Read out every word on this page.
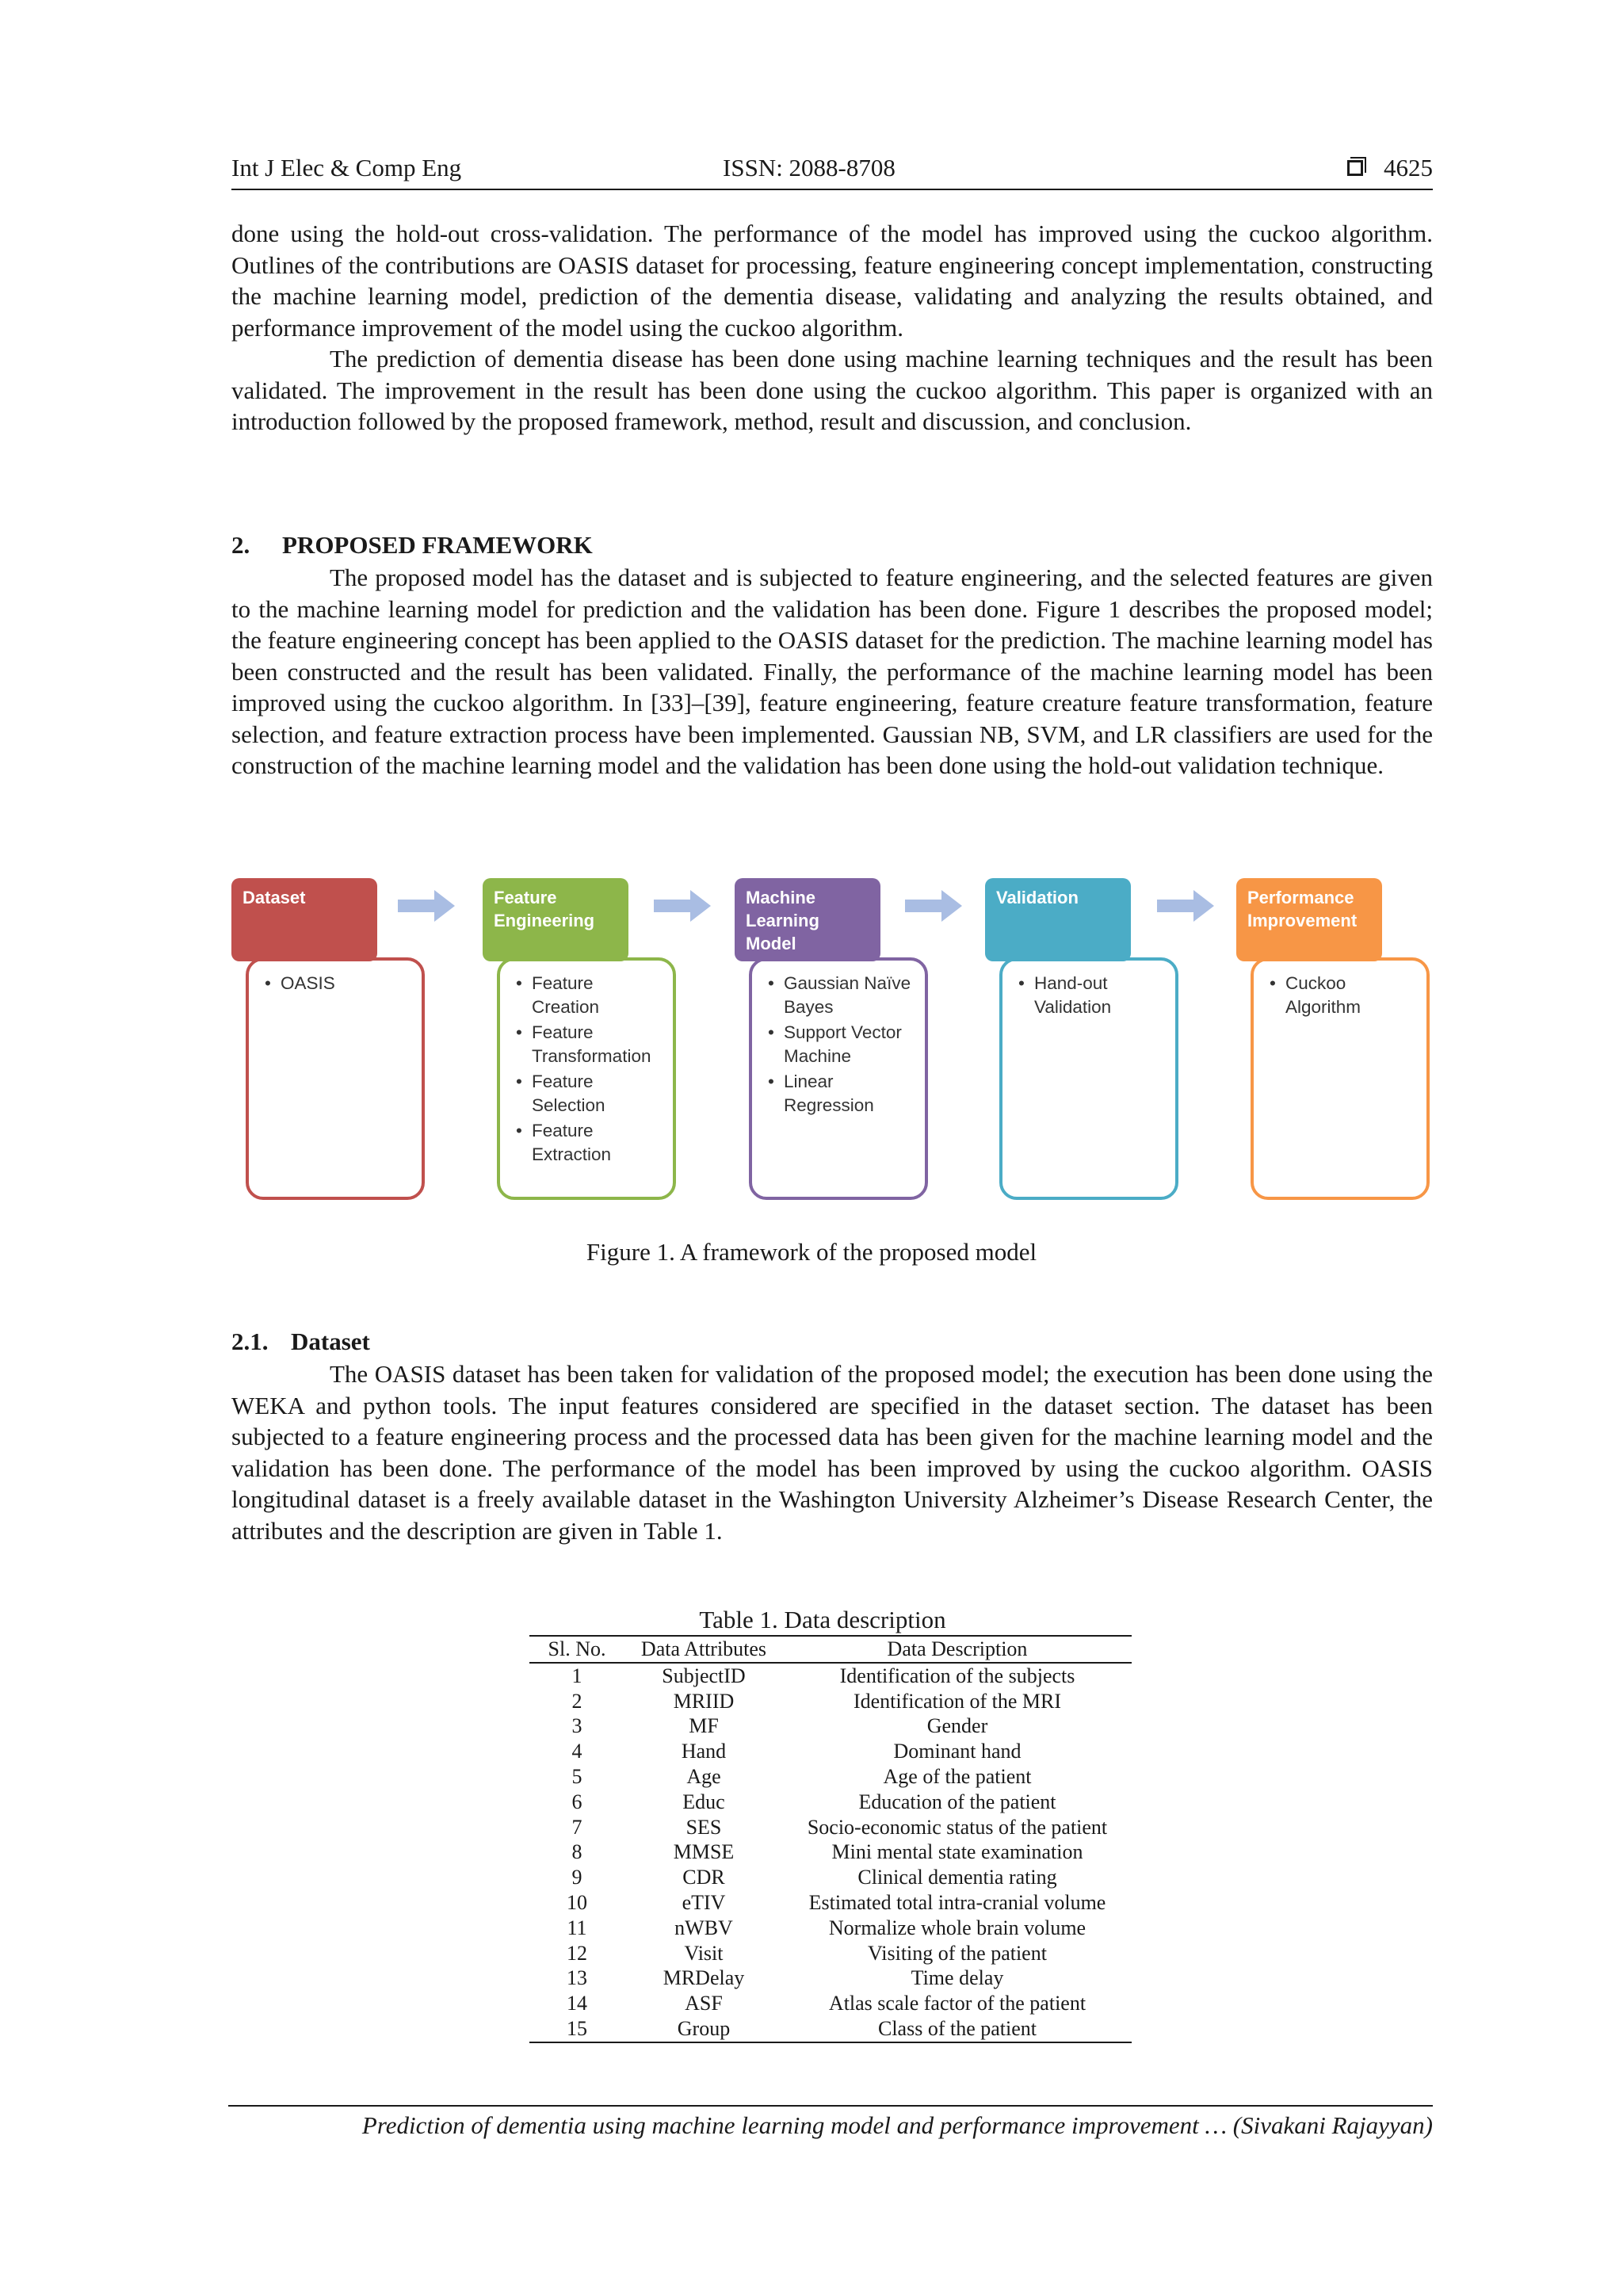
Int J Elec & Comp Eng	ISSN: 2088-8708	4625

done using the hold-out cross-validation. The performance of the model has improved using the cuckoo algorithm. Outlines of the contributions are OASIS dataset for processing, feature engineering concept implementation, constructing the machine learning model, prediction of the dementia disease, validating and analyzing the results obtained, and performance improvement of the model using the cuckoo algorithm.

The prediction of dementia disease has been done using machine learning techniques and the result has been validated. The improvement in the result has been done using the cuckoo algorithm. This paper is organized with an introduction followed by the proposed framework, method, result and discussion, and conclusion.

2. PROPOSED FRAMEWORK

The proposed model has the dataset and is subjected to feature engineering, and the selected features are given to the machine learning model for prediction and the validation has been done. Figure 1 describes the proposed model; the feature engineering concept has been applied to the OASIS dataset for the prediction. The machine learning model has been constructed and the result has been validated. Finally, the performance of the machine learning model has been improved using the cuckoo algorithm. In [33]–[39], feature engineering, feature creature feature transformation, feature selection, and feature extraction process have been implemented. Gaussian NB, SVM, and LR classifiers are used for the construction of the machine learning model and the validation has been done using the hold-out validation technique.

Dataset
• OASIS
Feature Engineering
• Feature Creation
• Feature Transformation
• Feature Selection
• Feature Extraction
Machine Learning Model
• Gaussian Naïve Bayes
• Support Vector Machine
• Linear Regression
Validation
• Hand-out Validation
Performance Improvement
• Cuckoo Algorithm
Figure 1. A framework of the proposed model
2.1. Dataset

The OASIS dataset has been taken for validation of the proposed model; the execution has been done using the WEKA and python tools. The input features considered are specified in the dataset section. The dataset has been subjected to a feature engineering process and the processed data has been given for the machine learning model and the validation has been done. The performance of the model has been improved by using the cuckoo algorithm. OASIS longitudinal dataset is a freely available dataset in the Washington University Alzheimer’s Disease Research Center, the attributes and the description are given in Table 1.

Table 1. Data description
Sl. No.	Data Attributes	Data Description
1	SubjectID	Identification of the subjects
2	MRIID	Identification of the MRI
3	MF	Gender
4	Hand	Dominant hand
5	Age	Age of the patient
6	Educ	Education of the patient
7	SES	Socio-economic status of the patient
8	MMSE	Mini mental state examination
9	CDR	Clinical dementia rating
10	eTIV	Estimated total intra-cranial volume
11	nWBV	Normalize whole brain volume
12	Visit	Visiting of the patient
13	MRDelay	Time delay
14	ASF	Atlas scale factor of the patient
15	Group	Class of the patient
Prediction of dementia using machine learning model and performance improvement … (Sivakani Rajayyan)
